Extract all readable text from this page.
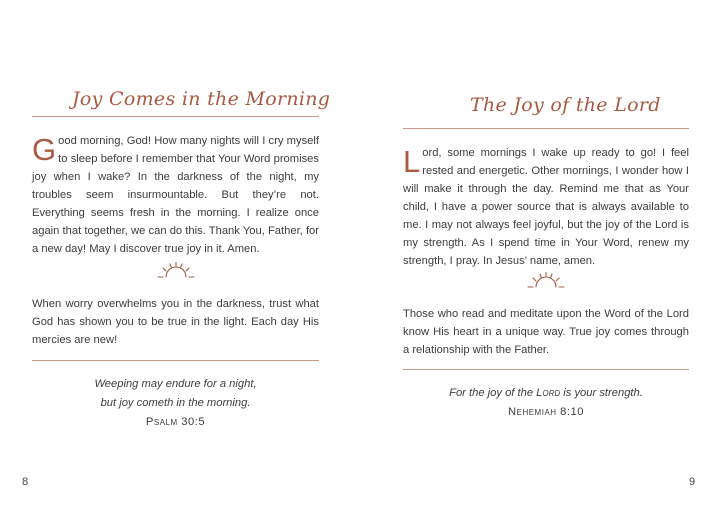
Joy Comes in the Morning
Good morning, God! How many nights will I cry myself to sleep before I remember that Your Word promises joy when I wake? In the darkness of the night, my troubles seem insurmountable. But they’re not. Everything seems fresh in the morning. I realize once again that together, we can do this. Thank You, Father, for a new day! May I discover true joy in it. Amen.
When worry overwhelms you in the darkness, trust what God has shown you to be true in the light. Each day His mercies are new!
Weeping may endure for a night,
but joy cometh in the morning.
Psalm 30:5
8
The Joy of the Lord
Lord, some mornings I wake up ready to go! I feel rested and energetic. Other mornings, I wonder how I will make it through the day. Remind me that as Your child, I have a power source that is always available to me. I may not always feel joyful, but the joy of the Lord is my strength. As I spend time in Your Word, renew my strength, I pray. In Jesus’ name, amen.
Those who read and meditate upon the Word of the Lord know His heart in a unique way. True joy comes through a relationship with the Father.
For the joy of the Lord is your strength.
Nehemiah 8:10
9
